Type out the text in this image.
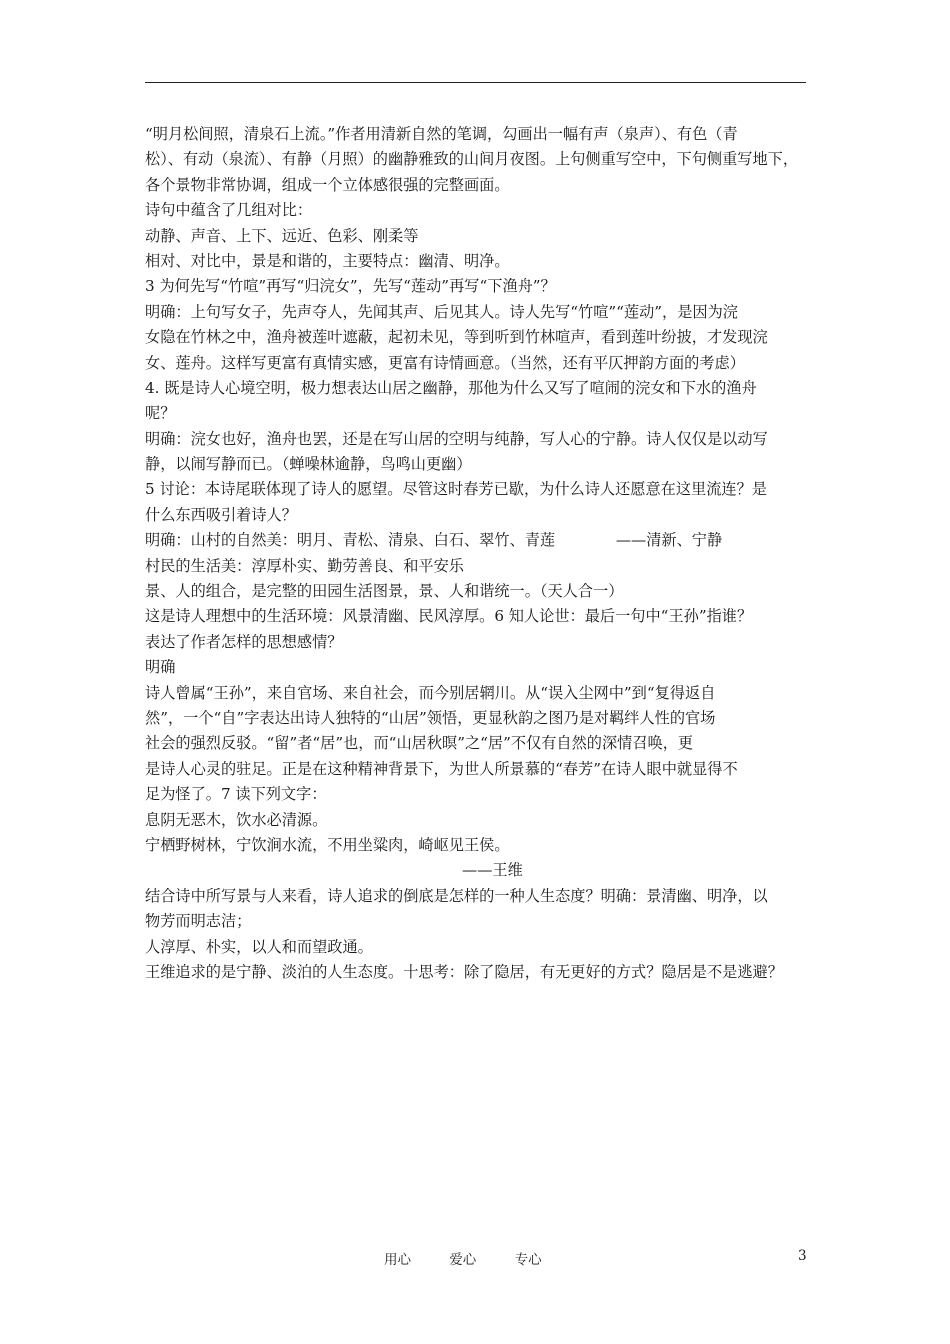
“明月松间照，清泉石上流。”作者用清新自然的笔调，勾画出一幅有声（泉声）、有色（青
松）、有动（泉流）、有静（月照）的幽静雅致的山间月夜图。上句侧重写空中，下句侧重写地下，
各个景物非常协调，组成一个立体感很强的完整画面。
诗句中蕴含了几组对比：
动静、声音、上下、远近、色彩、刚柔等
相对、对比中，景是和谐的，主要特点：幽清、明净。
3 为何先写“竹喧”再写“归浣女”，先写“莲动”再写“下渔舟”？
明确：上句写女子，先声夺人，先闻其声、后见其人。诗人先写“竹喧”“莲动”，是因为浣
女隐在竹林之中，渔舟被莲叶遮蔽，起初未见，等到听到竹林喧声，看到莲叶纷披，才发现浣
女、莲舟。这样写更富有真情实感，更富有诗情画意。（当然，还有平仄押韵方面的考虑）
4. 既是诗人心境空明，极力想表达山居之幽静，那他为什么又写了喧闹的浣女和下水的渔舟
呢？
明确：浣女也好，渔舟也罢，还是在写山居的空明与纯静，写人心的宁静。诗人仅仅是以动写
静，以闹写静而已。（蝉噪林逾静，鸟鸣山更幽）
5 讨论：本诗尾联体现了诗人的愿望。尽管这时春芳已歇，为什么诗人还愿意在这里流连？是
什么东西吸引着诗人？
明确：山村的自然美：明月、青松、清泉、白石、翠竹、青莲　　　　——清新、宁静
村民的生活美：淳厚朴实、勤劳善良、和平安乐
景、人的组合，是完整的田园生活图景，景、人和谐统一。（天人合一）
这是诗人理想中的生活环境：风景清幽、民风淳厚。6 知人论世：最后一句中“王孙”指谁？
表达了作者怎样的思想感情？
明确
诗人曾属“王孙”，来自官场、来自社会，而今别居辋川。从“误入尘网中”到“复得返自
然”，一个“自”字表达出诗人独特的“山居”领悟，更显秋韵之图乃是对羁绊人性的官场
社会的强烈反驳。“留”者“居”也，而“山居秋暝”之“居”不仅有自然的深情召唤，更
是诗人心灵的驻足。正是在这种精神背景下，为世人所景慕的“春芳”在诗人眼中就显得不
足为怪了。7 读下列文字：
息阴无恶木，饮水必清源。
宁栖野树林，宁饮涧水流，不用坐粱肉，崎岖见王侯。
——王维
结合诗中所写景与人来看，诗人追求的倒底是怎样的一种人生态度？明确：景清幽、明净，以
物芳而明志洁；
人淳厚、朴实，以人和而望政通。
王维追求的是宁静、淡泊的人生态度。十思考：除了隐居，有无更好的方式？隐居是不是逃避？
用心	爱心	专心	3
